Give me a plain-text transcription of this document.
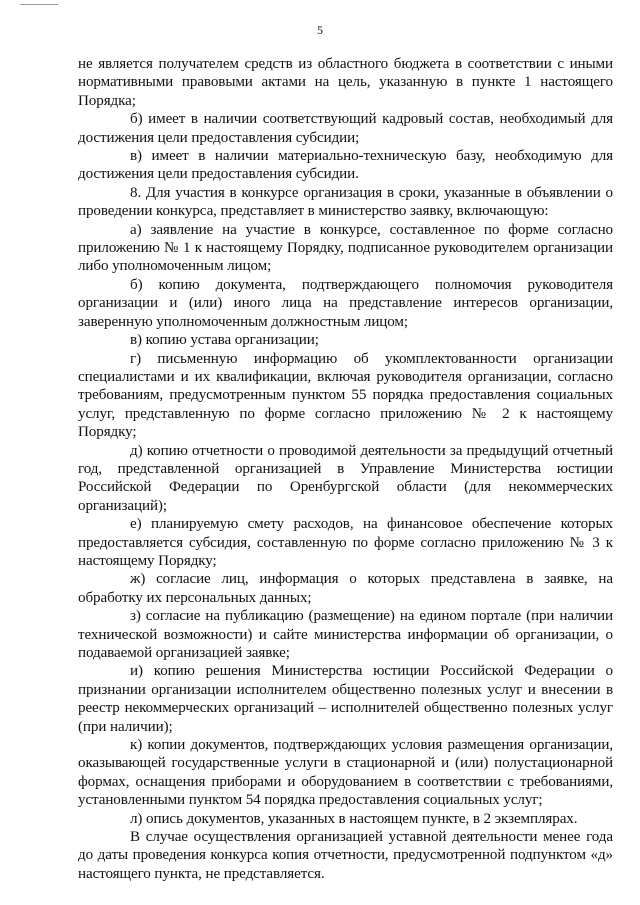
5

не является получателем средств из областного бюджета в соответствии с иными нормативными правовыми актами на цель, указанную в пункте 1 настоящего Порядка;

б) имеет в наличии соответствующий кадровый состав, необходимый для достижения цели предоставления субсидии;

в) имеет в наличии материально-техническую базу, необходимую для достижения цели предоставления субсидии.

8. Для участия в конкурсе организация в сроки, указанные в объявлении о проведении конкурса, представляет в министерство заявку, включающую:

а) заявление на участие в конкурсе, составленное по форме согласно приложению № 1 к настоящему Порядку, подписанное руководителем организации либо уполномоченным лицом;

б) копию документа, подтверждающего полномочия руководителя организации и (или) иного лица на представление интересов организации, заверенную уполномоченным должностным лицом;

в) копию устава организации;

г) письменную информацию об укомплектованности организации специалистами и их квалификации, включая руководителя организации, согласно требованиям, предусмотренным пунктом 55 порядка предоставления социальных услуг, представленную по форме согласно приложению № 2 к настоящему Порядку;

д) копию отчетности о проводимой деятельности за предыдущий отчетный год, представленной организацией в Управление Министерства юстиции Российской Федерации по Оренбургской области (для некоммерческих организаций);

е) планируемую смету расходов, на финансовое обеспечение которых предоставляется субсидия, составленную по форме согласно приложению № 3 к настоящему Порядку;

ж) согласие лиц, информация о которых представлена в заявке, на обработку их персональных данных;

з) согласие на публикацию (размещение) на едином портале (при наличии технической возможности) и сайте министерства информации об организации, о подаваемой организацией заявке;

и) копию решения Министерства юстиции Российской Федерации о признании организации исполнителем общественно полезных услуг и внесении в реестр некоммерческих организаций – исполнителей общественно полезных услуг (при наличии);

к) копии документов, подтверждающих условия размещения организации, оказывающей государственные услуги в стационарной и (или) полустационарной формах, оснащения приборами и оборудованием в соответствии с требованиями, установленными пунктом 54 порядка предоставления социальных услуг;

л) опись документов, указанных в настоящем пункте, в 2 экземплярах.

В случае осуществления организацией уставной деятельности менее года до даты проведения конкурса копия отчетности, предусмотренной подпунктом «д» настоящего пункта, не представляется.
